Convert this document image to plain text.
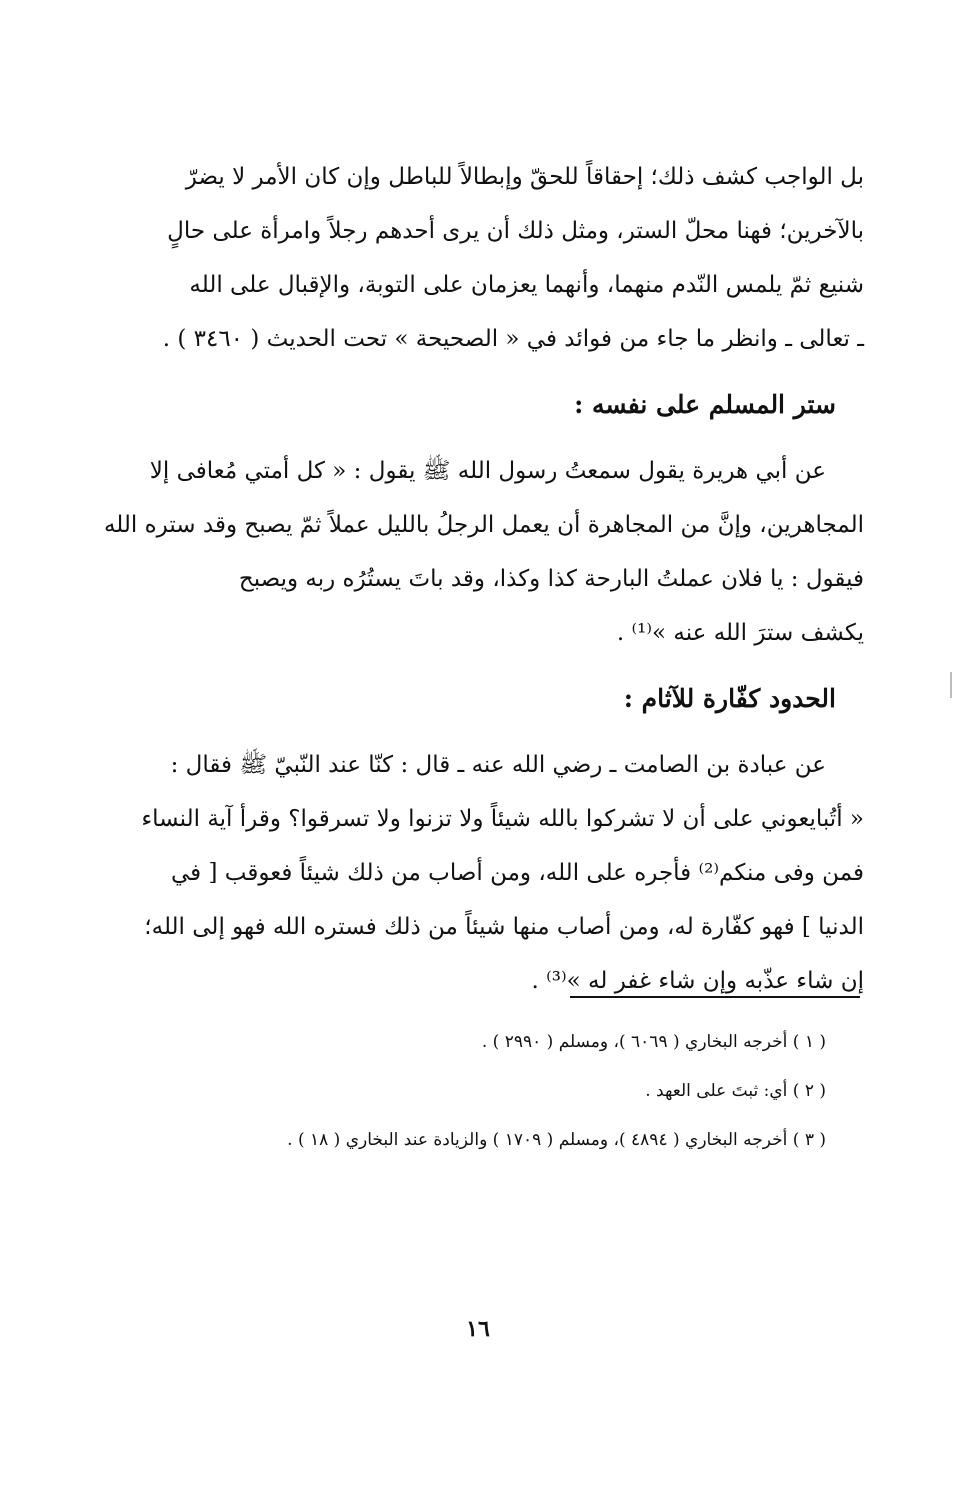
بل الواجب كشف ذلك؛ إحقاقاً للحقّ وإبطالاً للباطل وإن كان الأمر لا يضرّ

بالآخرين؛ فهنا محلّ الستر، ومثل ذلك أن يرى أحدهم رجلاً وامرأة على حالٍ

شنيع ثمّ يلمس النّدم منهما، وأنهما يعزمان على التوبة، والإقبال على الله

ـ تعالى ـ وانظر ما جاء من فوائد في « الصحيحة » تحت الحديث ( ٣٤٦٠ ) .

ستر المسلم على نفسه :

عن أبي هريرة يقول سمعتُ رسول الله ﷺ يقول : « كل أمتي مُعافى إلا

المجاهرين، وإنَّ من المجاهرة أن يعمل الرجلُ بالليل عملاً ثمّ يصبح وقد ستره الله

فيقول : يا فلان عملتُ البارحة كذا وكذا، وقد باتَ يستُرُه ربه ويصبح

يكشف سترَ الله عنه »⁽¹⁾ .

الحدود كفّارة للآثام :

عن عبادة بن الصامت ـ رضي الله عنه ـ قال : كنّا عند النّبيّ ﷺ فقال :

« أتُبايعوني على أن لا تشركوا بالله شيئاً ولا تزنوا ولا تسرقوا؟ وقرأ آية النساء

فمن وفى منكم⁽²⁾ فأجره على الله، ومن أصاب من ذلك شيئاً فعوقب [ في

الدنيا ] فهو كفّارة له، ومن أصاب منها شيئاً من ذلك فستره الله فهو إلى الله؛

إن شاء عذّبه وإن شاء غفر له »⁽³⁾ .

( ١ ) أخرجه البخاري ( ٦٠٦٩ )، ومسلم ( ٢٩٩٠ ) .

( ٢ ) أي: ثبتَ على العهد .

( ٣ ) أخرجه البخاري ( ٤٨٩٤ )، ومسلم ( ١٧٠٩ ) والزيادة عند البخاري ( ١٨ ) .

١٦
